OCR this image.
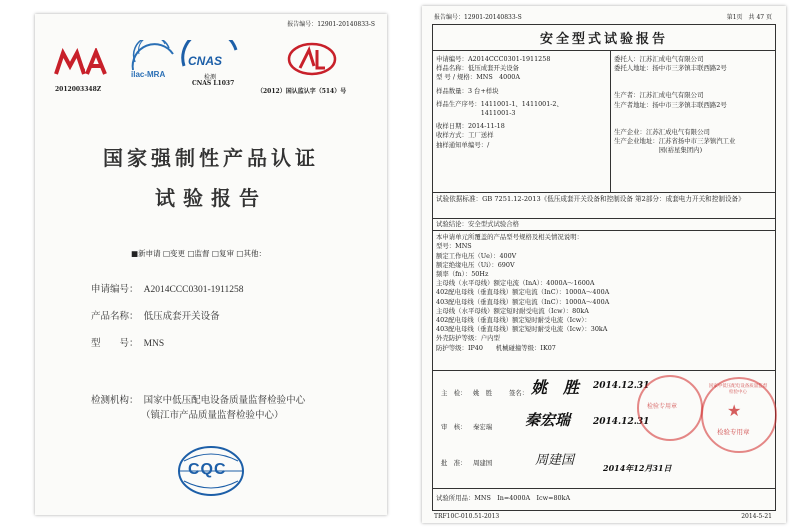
报告编号：12901-20140833-S
2012003348Z
ilac-MRA
CNAS
检测
CNAS L1037
（2012）国认监认字（514）号
国家强制性产品认证
试验报告
■新申请 □变更 □监督 □复审 □其他：
申请编号： A2014CCC0301-1911258
产品名称： 低压成套开关设备
型　　号： MNS
检测机构： 国家中低压配电设备质量监督检验中心
（镇江市产品质量监督检验中心）
CQC
报告编号：12901-20140833-S	第1页　共 47 页
安全型式试验报告

申请编号：A2014CCC0301-1911258
样品名称：低压成套开关设备
型 号 / 规格：MNS　4000A
样品数量：3 台+样块
样品生产序号：1411001-1、1411001-2、
　　　　　　　1411001-3
收样日期：2014-11-18
收样方式：工厂送样
抽样通知单编号：/

委托人：江苏汇成电气有限公司
委托人地址：扬中市三茅镇丰联西路2号
生产者：江苏汇成电气有限公司
生产者地址：扬中市三茅镇丰联西路2号
生产企业：江苏汇成电气有限公司
生产企业地址：江苏省扬中市三茅镇汽工业
　　　　　　　园(裕星集团内)

试验依据标准：GB 7251.12-2013《低压成套开关设备和控制设备 第2部分：成套电力开关和控制设备》

试验结论：安全型式试验合格

本申请单元所覆盖的产品型号规格及相关情况说明：
型号：MNS
额定工作电压（Ue）：400V
额定绝缘电压（Ui）：690V
频率（fn）：50Hz
主母线（水平母线）额定电流（InA）：4000A～1600A
402配电母线（垂直母线）额定电流（InC）：1000A～400A
403配电母线（垂直母线）额定电流（InC）：1000A～400A
主母线（水平母线）额定短时耐受电流（Icw）：80kA
402配电母线（垂直母线）额定短时耐受电流（Icw）：
403配电母线（垂直母线）额定短时耐受电流（Icw）：30kA
外壳防护等级：户内型
防护等级：IP40　　机械碰撞等级：IK07

主　检： 姚　胜	签名：
审　核： 秦宏瑞
批　准： 周建国
姚　胜 2014.12.31
秦宏瑞	2014.12.31
周建国	2014年12月31日
检验专用章
国家中低压配电设备质量监督检验中心
★
检验专用章

试验所用品：MNS　In=4000A　Icw=80kA
TRF10C-010.51-2013	2014-5-21
